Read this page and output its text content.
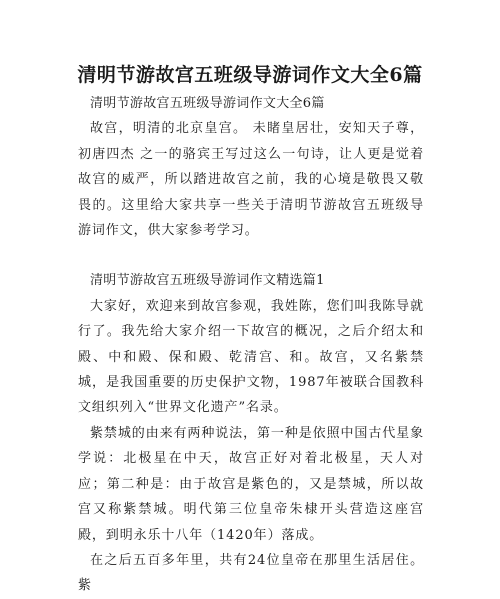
清明节游故宫五班级导游词作文大全6篇

清明节游故宫五班级导游词作文大全6篇

故宫，明清的北京皇宫。 未睹皇居壮，安知天子尊，初唐四杰 之一的骆宾王写过这么一句诗，让人更是觉着故宫的威严，所以踏进故宫之前，我的心境是敬畏又敬畏的。这里给大家共享一些关于清明节游故宫五班级导游词作文，供大家参考学习。

清明节游故宫五班级导游词作文精选篇1

大家好，欢迎来到故宫参观，我姓陈，您们叫我陈导就行了。我先给大家介绍一下故宫的概况，之后介绍太和殿、中和殿、保和殿、乾清宫、和。故宫，又名紫禁城，是我国重要的历史保护文物，1987年被联合国教科文组织列入“世界文化遗产”名录。

紫禁城的由来有两种说法，第一种是依照中国古代星象学说：北极星在中天，故宫正好对着北极星，天人对应；第二种是：由于故宫是紫色的，又是禁城，所以故宫又称紫禁城。明代第三位皇帝朱棣开头营造这座宫殿，到明永乐十八年（1420年）落成。

在之后五百多年里，共有24位皇帝在那里生活居住。紫
